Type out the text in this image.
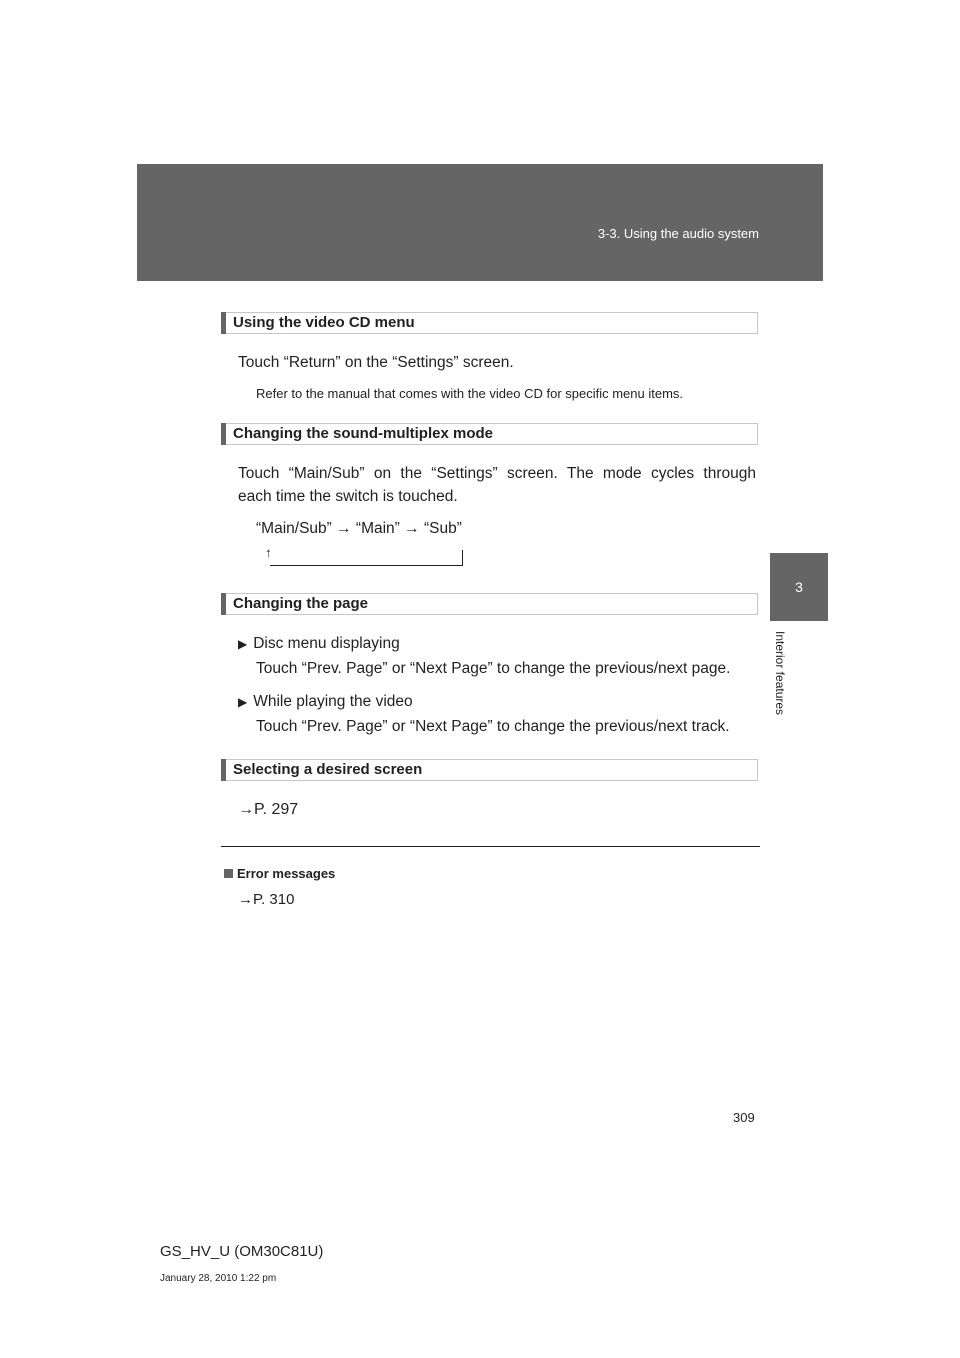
3-3. Using the audio system
3
Interior features
Using the video CD menu
Touch “Return” on the “Settings” screen.
Refer to the manual that comes with the video CD for specific menu items.
Changing the sound-multiplex mode
Touch “Main/Sub” on the “Settings” screen. The mode cycles through
each time the switch is touched.
“Main/Sub” → “Main” → “Sub”
↑
Changing the page
▶ Disc menu displaying
Touch “Prev. Page” or “Next Page” to change the previous/next page.
▶ While playing the video
Touch “Prev. Page” or “Next Page” to change the previous/next track.
Selecting a desired screen
→P. 297
Error messages
→P. 310
309
GS_HV_U (OM30C81U)
January 28, 2010 1:22 pm
